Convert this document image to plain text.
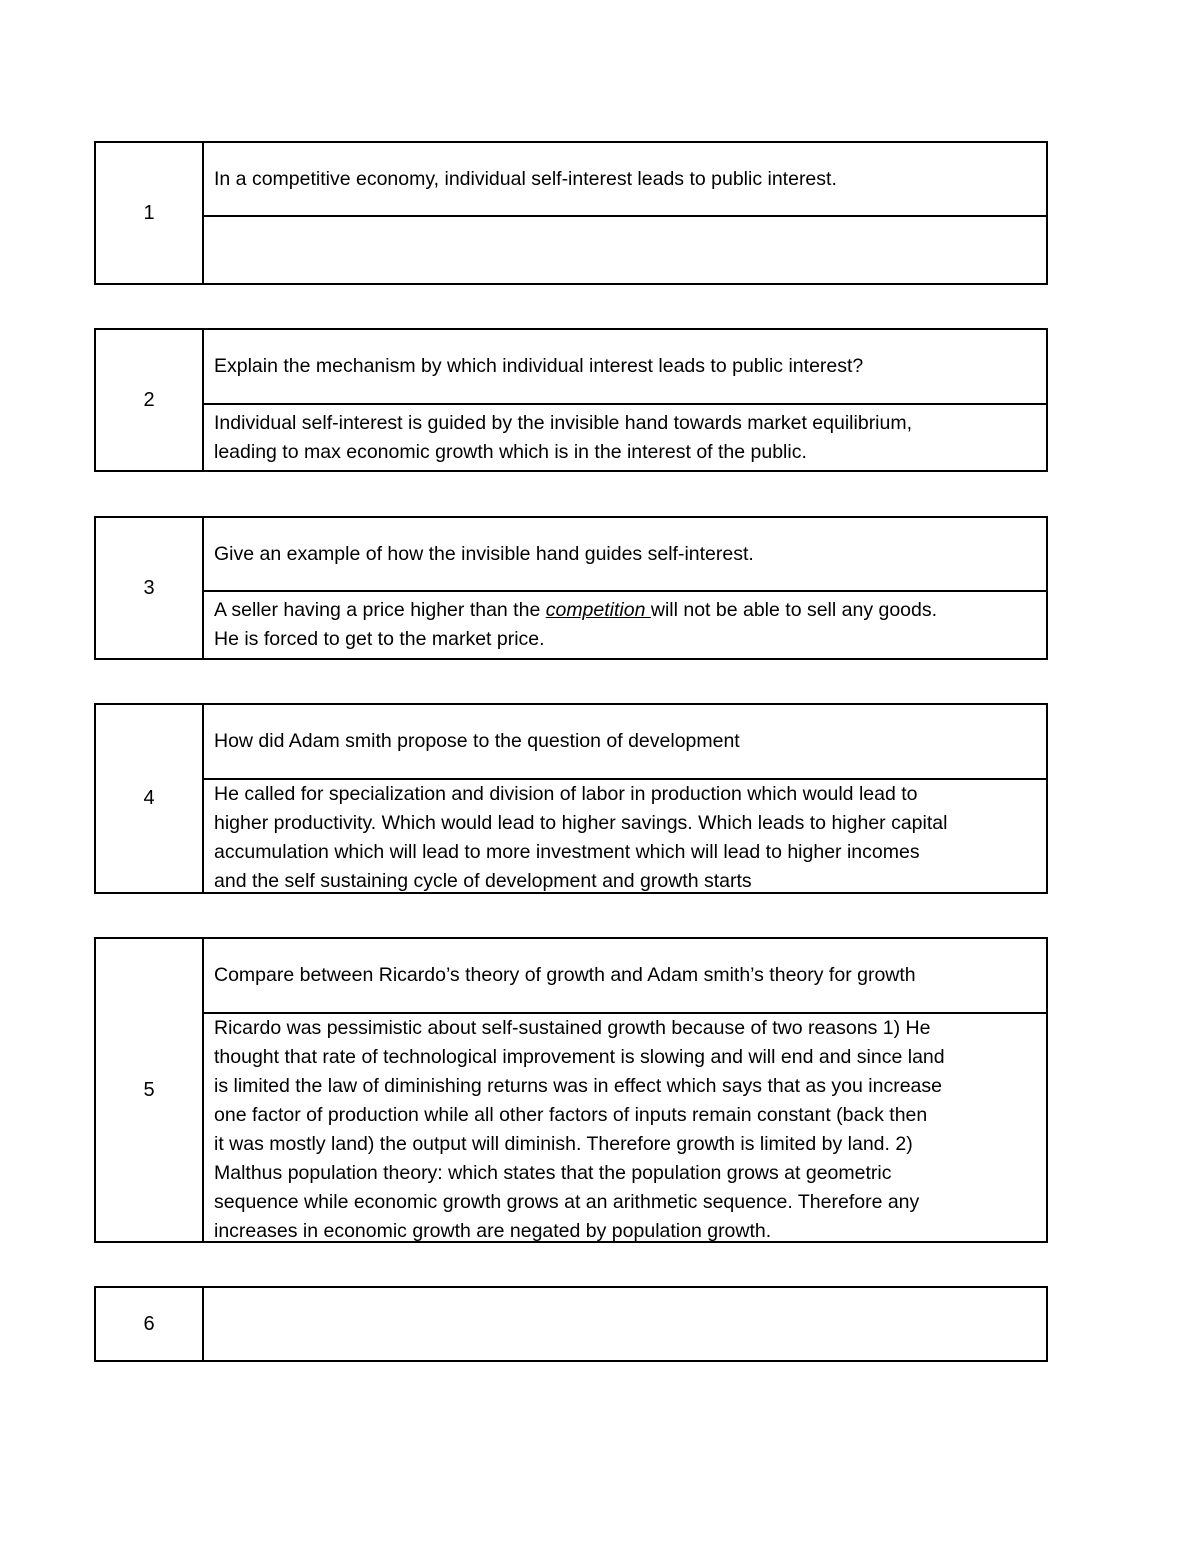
1
In a competitive economy, individual self-interest leads to public interest.

2
Explain the mechanism by which individual interest leads to public interest?

Individual self-interest is guided by the invisible hand towards market equilibrium,

leading to max economic growth which is in the interest of the public.

3
Give an example of how the invisible hand guides self-interest.

A seller having a price higher than the competition will not be able to sell any goods.

He is forced to get to the market price.

4
How did Adam smith propose to the question of development

He called for specialization and division of labor in production which would lead to

higher productivity. Which would lead to higher savings. Which leads to higher capital

accumulation which will lead to more investment which will lead to higher incomes

and the self sustaining cycle of development and growth starts

5
Compare between Ricardo’s theory of growth and Adam smith’s theory for growth

Ricardo was pessimistic about self-sustained growth because of two reasons 1) He

thought that rate of technological improvement is slowing and will end and since land

is limited the law of diminishing returns was in effect which says that as you increase

one factor of production while all other factors of inputs remain constant (back then

it was mostly land) the output will diminish. Therefore growth is limited by land. 2)

Malthus population theory: which states that the population grows at geometric

sequence while economic growth grows at an arithmetic sequence. Therefore any

increases in economic growth are negated by population growth.

6
